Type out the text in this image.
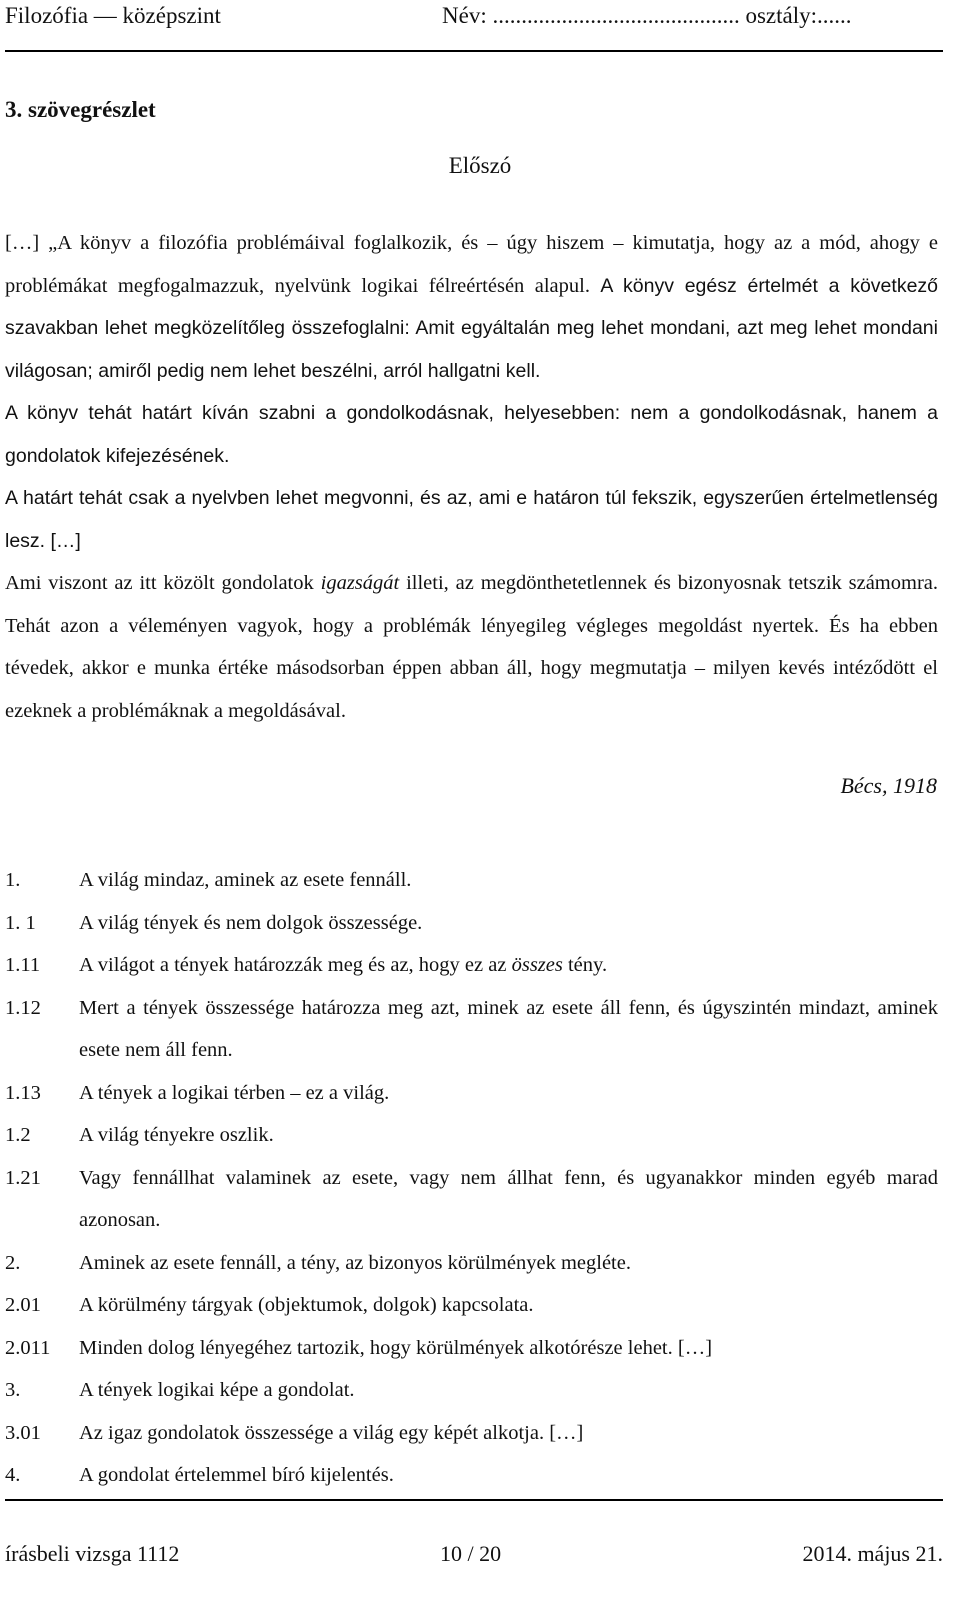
Filozófia — középszint	Név: ........................................... osztály:......
3. szövegrészlet
Előszó

[…] „A könyv a filozófia problémáival foglalkozik, és – úgy hiszem – kimutatja, hogy az a mód, ahogy e problémákat megfogalmazzuk, nyelvünk logikai félreértésén alapul. A könyv egész értelmét a következő szavakban lehet megközelítőleg összefoglalni: Amit egyáltalán meg lehet mondani, azt meg lehet mondani világosan; amiről pedig nem lehet beszélni, arról hallgatni kell.

A könyv tehát határt kíván szabni a gondolkodásnak, helyesebben: nem a gondolkodásnak, hanem a gondolatok kifejezésének.

A határt tehát csak a nyelvben lehet megvonni, és az, ami e határon túl fekszik, egyszerűen értelmetlenség lesz. […]

Ami viszont az itt közölt gondolatok igazságát illeti, az megdönthetetlennek és bizonyosnak tetszik számomra. Tehát azon a véleményen vagyok, hogy a problémák lényegileg végleges megoldást nyertek. És ha ebben tévedek, akkor e munka értéke másodsorban éppen abban áll, hogy megmutatja – milyen kevés intéződött el ezeknek a problémáknak a megoldásával.

Bécs, 1918
1.	A világ mindaz, aminek az esete fennáll.
1. 1 A világ tények és nem dolgok összessége.
1.11 A világot a tények határozzák meg és az, hogy ez az összes tény.
1.12 Mert a tények összessége határozza meg azt, minek az esete áll fenn, és úgyszintén mindazt, aminek esete nem áll fenn.
1.13 A tények a logikai térben – ez a világ.
1.2 A világ tényekre oszlik.
1.21 Vagy fennállhat valaminek az esete, vagy nem állhat fenn, és ugyanakkor minden egyéb marad azonosan.
2.	Aminek az esete fennáll, a tény, az bizonyos körülmények megléte.
2.01 A körülmény tárgyak (objektumok, dolgok) kapcsolata.
2.011 Minden dolog lényegéhez tartozik, hogy körülmények alkotórésze lehet. […]
3.	A tények logikai képe a gondolat.
3.01 Az igaz gondolatok összessége a világ egy képét alkotja. […]
4.	A gondolat értelemmel bíró kijelentés.
írásbeli vizsga 1112	10 / 20	2014. május 21.
